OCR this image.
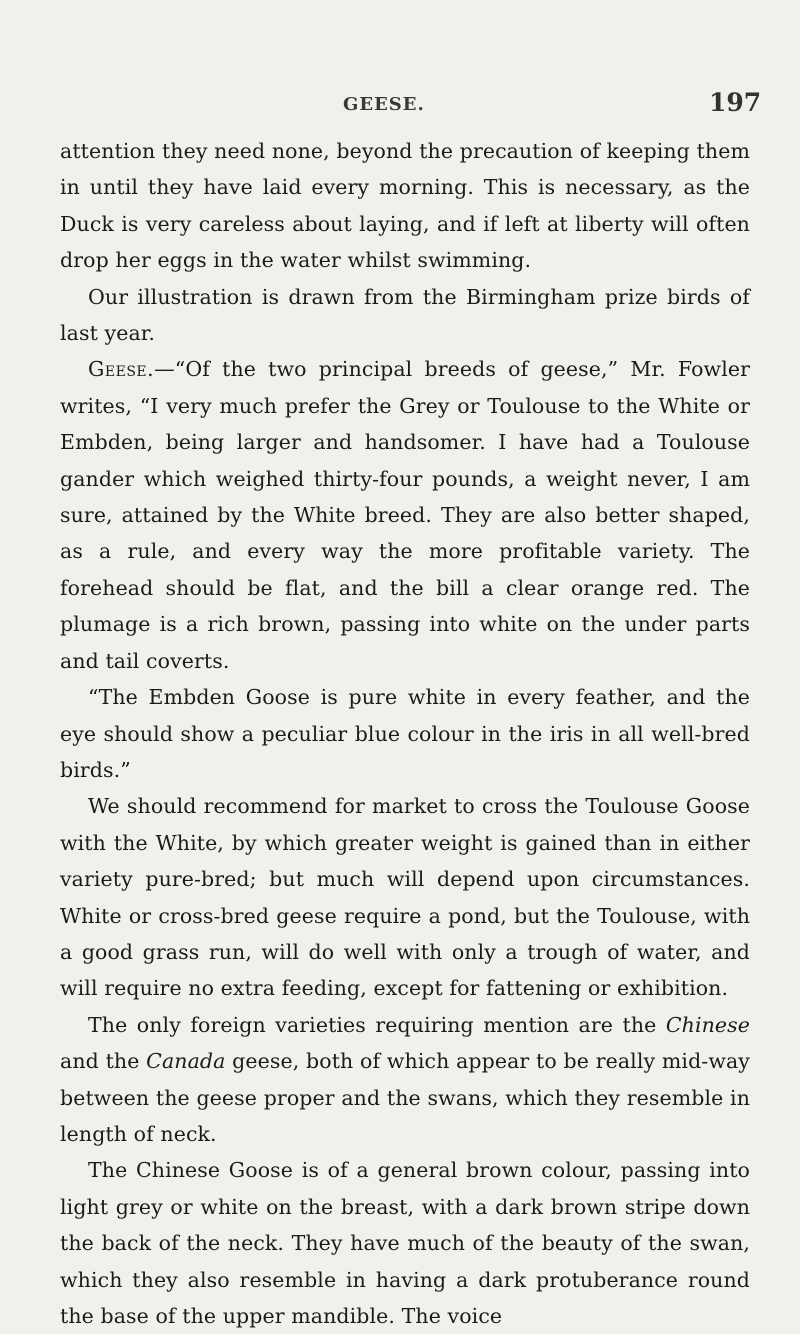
GEESE.	197

attention they need none, beyond the precaution of keeping them in until they have laid every morning. This is necessary, as the Duck is very careless about laying, and if left at liberty will often drop her eggs in the water whilst swimming.

Our illustration is drawn from the Birmingham prize birds of last year.

Geese.—“Of the two principal breeds of geese,” Mr. Fowler writes, “I very much prefer the Grey or Toulouse to the White or Embden, being larger and handsomer. I have had a Toulouse gander which weighed thirty-four pounds, a weight never, I am sure, attained by the White breed. They are also better shaped, as a rule, and every way the more profitable variety. The forehead should be flat, and the bill a clear orange red. The plumage is a rich brown, passing into white on the under parts and tail coverts.

“The Embden Goose is pure white in every feather, and the eye should show a peculiar blue colour in the iris in all well-bred birds.”

We should recommend for market to cross the Toulouse Goose with the White, by which greater weight is gained than in either variety pure-bred; but much will depend upon circumstances. White or cross-bred geese require a pond, but the Toulouse, with a good grass run, will do well with only a trough of water, and will require no extra feeding, except for fattening or exhibition.

The only foreign varieties requiring mention are the Chinese and the Canada geese, both of which appear to be really mid-way between the geese proper and the swans, which they resemble in length of neck.

The Chinese Goose is of a general brown colour, passing into light grey or white on the breast, with a dark brown stripe down the back of the neck. They have much of the beauty of the swan, which they also resemble in having a dark protuberance round the base of the upper mandible. The voice
